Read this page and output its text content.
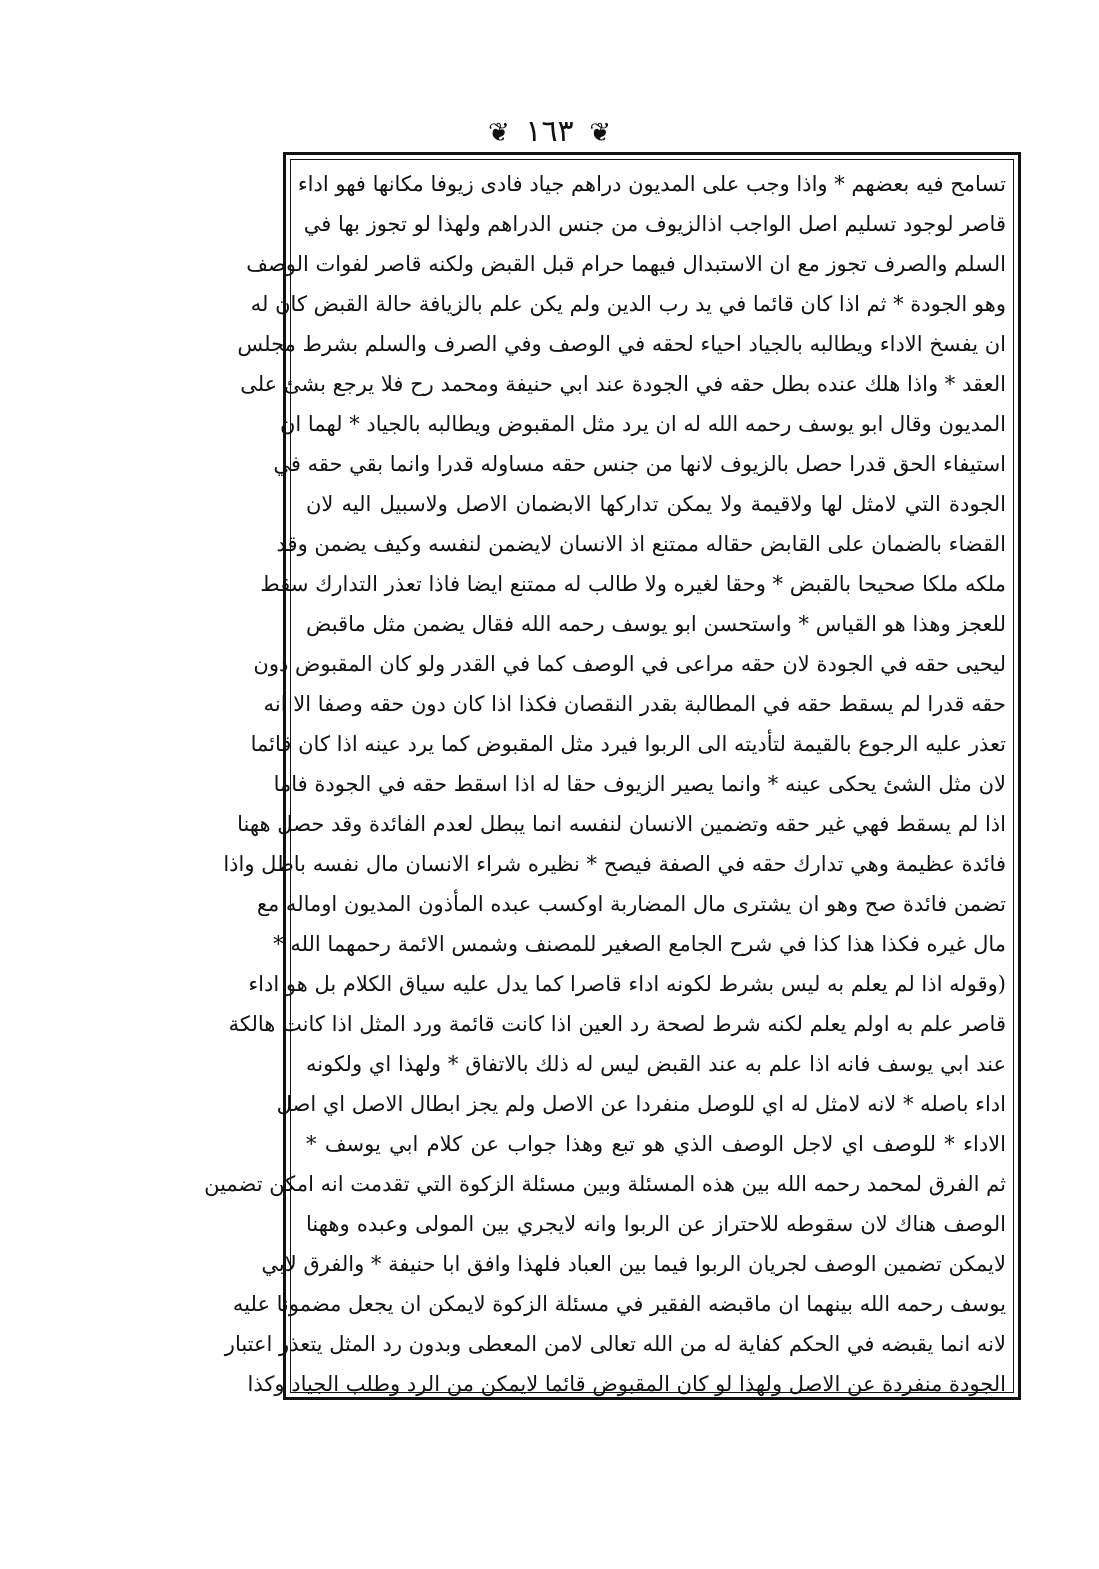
❦ ١٦٣ ❦
تسامح فيه بعضهم * واذا وجب على المديون دراهم جياد فادى زيوفا مكانها فهو اداء
قاصر لوجود تسليم اصل الواجب اذالزيوف من جنس الدراهم ولهذا لو تجوز بها في
السلم والصرف تجوز مع ان الاستبدال فيهما حرام قبل القبض ولكنه قاصر لفوات الوصف
وهو الجودة * ثم اذا كان قائما في يد رب الدين ولم يكن علم بالزيافة حالة القبض كان له
ان يفسخ الاداء ويطالبه بالجياد احياء لحقه في الوصف وفي الصرف والسلم بشرط مجلس
العقد * واذا هلك عنده بطل حقه في الجودة عند ابي حنيفة ومحمد رح فلا يرجع بشئ على
المديون وقال ابو يوسف رحمه الله له ان يرد مثل المقبوض ويطالبه بالجياد * لهما ان
استيفاء الحق قدرا حصل بالزيوف لانها من جنس حقه مساوله قدرا وانما بقي حقه في
الجودة التي لامثل لها ولاقيمة ولا يمكن تداركها الابضمان الاصل ولاسبيل اليه لان
القضاء بالضمان على القابض حقاله ممتنع اذ الانسان لايضمن لنفسه وكيف يضمن وقد
ملكه ملكا صحيحا بالقبض * وحقا لغيره ولا طالب له ممتنع ايضا فاذا تعذر التدارك سقط
للعجز وهذا هو القياس * واستحسن ابو يوسف رحمه الله فقال يضمن مثل ماقبض
ليحيى حقه في الجودة لان حقه مراعى في الوصف كما في القدر ولو كان المقبوض دون
حقه قدرا لم يسقط حقه في المطالبة بقدر النقصان فكذا اذا كان دون حقه وصفا الا انه
تعذر عليه الرجوع بالقيمة لتأديته الى الربوا فيرد مثل المقبوض كما يرد عينه اذا كان قائما
لان مثل الشئ يحكى عينه * وانما يصير الزيوف حقا له اذا اسقط حقه في الجودة فاما
اذا لم يسقط فهي غير حقه وتضمين الانسان لنفسه انما يبطل لعدم الفائدة وقد حصل ههنا
فائدة عظيمة وهي تدارك حقه في الصفة فيصح * نظيره شراء الانسان مال نفسه باطل واذا
تضمن فائدة صح وهو ان يشترى مال المضاربة اوكسب عبده المأذون المديون اوماله مع
مال غيره فكذا هذا كذا في شرح الجامع الصغير للمصنف وشمس الائمة رحمهما الله *
(وقوله اذا لم يعلم به ليس بشرط لكونه اداء قاصرا كما يدل عليه سياق الكلام بل هو اداء
قاصر علم به اولم يعلم لكنه شرط لصحة رد العين اذا كانت قائمة ورد المثل اذا كانت هالكة
عند ابي يوسف فانه اذا علم به عند القبض ليس له ذلك بالاتفاق * ولهذا اي ولكونه
اداء باصله * لانه لامثل له اي للوصل منفردا عن الاصل ولم يجز ابطال الاصل اي اصل
الاداء * للوصف اي لاجل الوصف الذي هو تبع وهذا جواب عن كلام ابي يوسف *
ثم الفرق لمحمد رحمه الله بين هذه المسئلة وبين مسئلة الزكوة التي تقدمت انه امكن تضمين
الوصف هناك لان سقوطه للاحتراز عن الربوا وانه لايجري بين المولى وعبده وههنا
لايمكن تضمين الوصف لجريان الربوا فيما بين العباد فلهذا وافق ابا حنيفة * والفرق لابي
يوسف رحمه الله بينهما ان ماقبضه الفقير في مسئلة الزكوة لايمكن ان يجعل مضمونا عليه
لانه انما يقبضه في الحكم كفاية له من الله تعالى لامن المعطى وبدون رد المثل يتعذر اعتبار
الجودة منفردة عن الاصل ولهذا لو كان المقبوض قائما لايمكن من الرد وطلب الجياد وكذا
